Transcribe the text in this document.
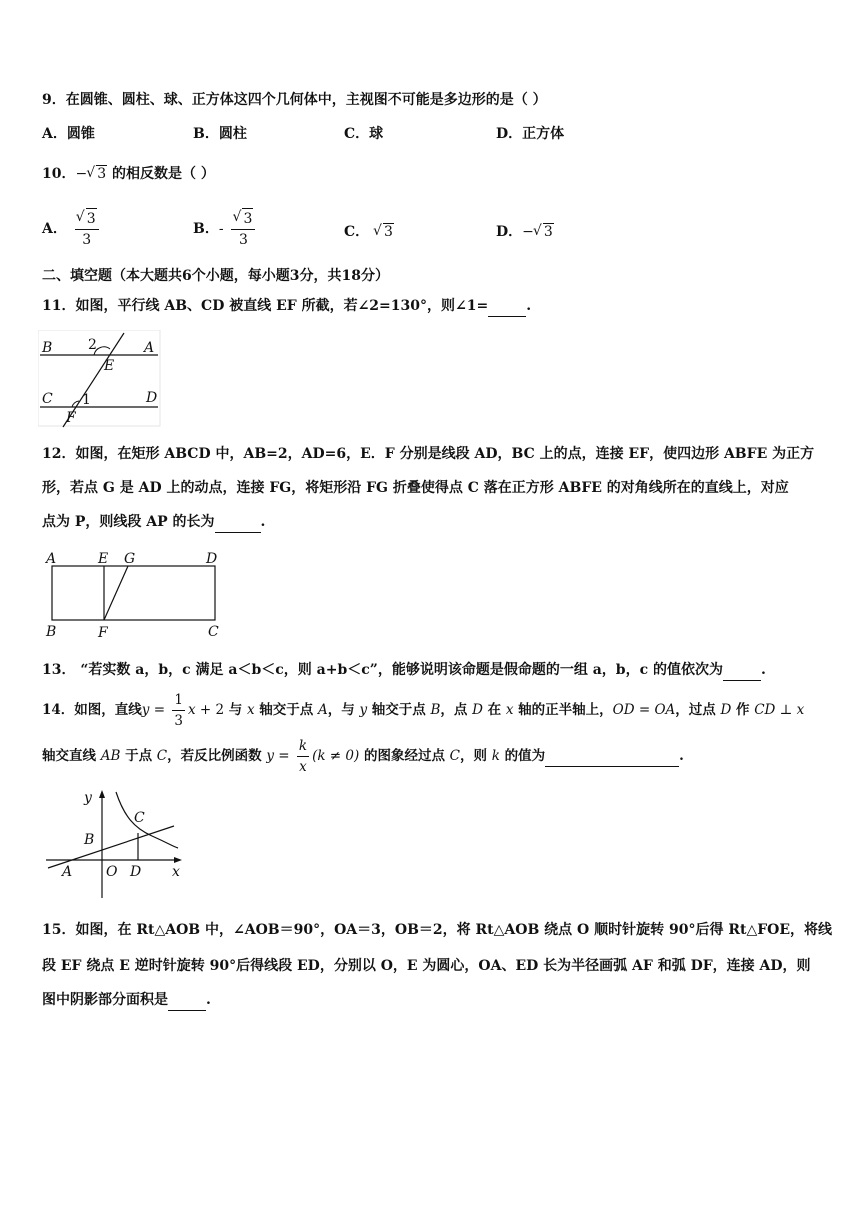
9．在圆锥、圆柱、球、正方体这四个几何体中，主视图不可能是多边形的是（ ）
A．圆锥	B．圆柱	C．球	D．正方体
10．− √ 3 的相反数是（ ）
A． √ $\frac{3}{3}$	B．- √ $\frac{3}{3}$	C． √ 3	D．− √ 3
二、填空题（本大题共6个小题，每小题3分，共18分）
11．如图，平行线 AB、CD 被直线 EF 所截，若∠2=130°，则∠1=	.
B	A
2
E
C 1	D
F
12．如图，在矩形 ABCD 中，AB=2，AD=6，E．F 分别是线段 AD，BC 上的点，连接 EF，使四边形 ABFE 为正方
形，若点 G 是 AD 上的动点，连接 FG，将矩形沿 FG 折叠使得点 C 落在正方形 ABFE 的对角线所在的直线上，对应
点为 P，则线段 AP 的长为	.
A	E G	D
B	F	C
13． “若实数 a，b，c 满足 a＜b＜c，则 a+b＜c”，能够说明该命题是假命题的一组 a，b，c 的值依次为	.
14．如图，直线$y = \frac{1}{3}$ x + 2 与 x 轴交于点 A，与 y 轴交于点 B，点 D 在 x 轴的正半轴上，OD = OA，过点 D 作 CD ⊥ x
轴交直线 AB 于点 C，若反比例函数 $y = \frac{k}{x} (k \ne 0)$ 的图象经过点 C，则 k 的值为	.
y
C
B
A O D x
15．如图，在 Rt△AOB 中，∠AOB＝90°，OA＝3，OB＝2，将 Rt△AOB 绕点 O 顺时针旋转 90°后得 Rt△FOE，将线
段 EF 绕点 E 逆时针旋转 90°后得线段 ED，分别以 O，E 为圆心，OA、ED 长为半径画弧 AF 和弧 DF，连接 AD，则
图中阴影部分面积是	.
